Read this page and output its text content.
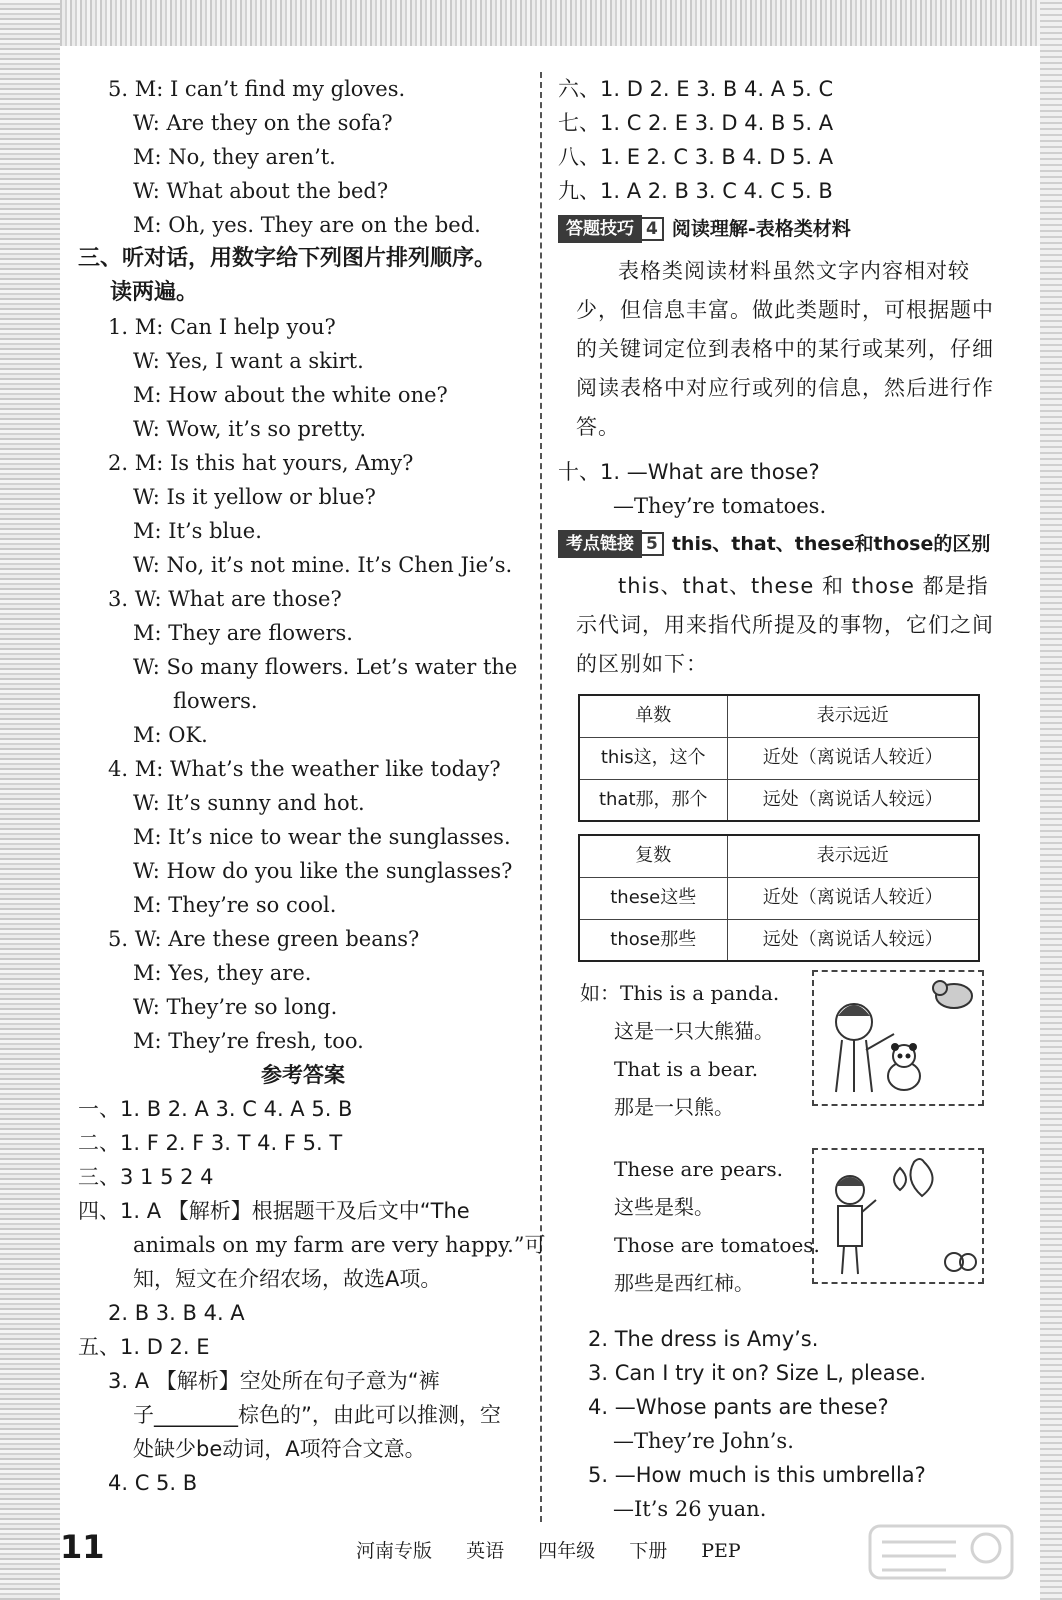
5. M: I can’t find my gloves.
W: Are they on the sofa?
M: No, they aren’t.
W: What about the bed?
M: Oh, yes. They are on the bed.
三、听对话，用数字给下列图片排列顺序。
读两遍。
1. M: Can I help you?
W: Yes, I want a skirt.
M: How about the white one?
W: Wow, it’s so pretty.
2. M: Is this hat yours, Amy?
W: Is it yellow or blue?
M: It’s blue.
W: No, it’s not mine. It’s Chen Jie’s.
3. W: What are those?
M: They are flowers.
W: So many flowers. Let’s water the
flowers.
M: OK.
4. M: What’s the weather like today?
W: It’s sunny and hot.
M: It’s nice to wear the sunglasses.
W: How do you like the sunglasses?
M: They’re so cool.
5. W: Are these green beans?
M: Yes, they are.
W: They’re so long.
M: They’re fresh, too.
参考答案
一、1. B 2. A 3. C 4. A 5. B
二、1. F 2. F 3. T 4. F 5. T
三、3 1 5 2 4
四、1. A 【解析】根据题干及后文中“The
animals on my farm are very happy.”可
知，短文在介绍农场，故选A项。
2. B 3. B 4. A
五、1. D 2. E
3. A 【解析】空处所在句子意为“裤
子________棕色的”，由此可以推测，空
处缺少be动词，A项符合文意。
4. C 5. B
六、1. D 2. E 3. B 4. A 5. C
七、1. C 2. E 3. D 4. B 5. A
八、1. E 2. C 3. B 4. D 5. A
九、1. A 2. B 3. C 4. C 5. B
答题技巧 4 阅读理解-表格类材料
表格类阅读材料虽然文字内容相对较少，但信息丰富。做此类题时，可根据题中的关键词定位到表格中的某行或某列，仔细阅读表格中对应行或列的信息，然后进行作答。
十、1. —What are those?
—They’re tomatoes.
考点链接 5 this、that、these和those的区别
this、that、these 和 those 都是指示代词，用来指代所提及的事物，它们之间的区别如下：
单数	表示远近
this这，这个	近处（离说话人较近）
that那，那个	远处（离说话人较远）
复数	表示远近
these这些	近处（离说话人较近）
those那些	远处（离说话人较远）
如：This is a panda.
这是一只大熊猫。
That is a bear.
那是一只熊。
These are pears.
这些是梨。
Those are tomatoes.
那些是西红柿。
2. The dress is Amy’s.
3. Can I try it on? Size L, please.
4. —Whose pants are these?
—They’re John’s.
5. —How much is this umbrella?
—It’s 26 yuan.
11	河南专版 英语 四年级 下册 PEP
